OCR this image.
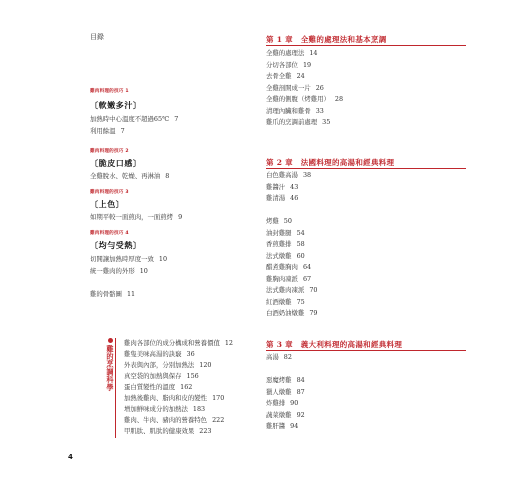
目錄
雞肉料理的技巧 1
〔軟嫩多汁〕
加熱時中心溫度不超過65℃ 7
利用餘溫 7
雞肉料理的技巧 2
〔脆皮口感〕
全雞脫水、乾燥、再淋油 8
雞肉料理的技巧 3
〔上色〕
如期平較一面煎肉，一面煎烤 9
雞肉料理的技巧 4
〔均勻受熱〕
切開讓加熱時厚度一致 10
統一雞肉的外形 10
雞的骨骼圖 11
雞的烹調科學
雞肉各部位的成分構成和營養價值 12
雞隻美味高湯的訣竅 36
外表與內部，分別加熱法 120
真空袋的加熱與保存 156
蛋白質變性的溫度 162
加熱後雞肉、脂肉和皮的變性 170
增加鮮味成分的加熱法 183
雞肉、牛肉、豬肉的營養特色 222
甲肌肽、肌肽的健康效果 223
第 1 章　全雞的處理法和基本烹調
全雞的處理法 14
分切各部位 19
去骨全雞 24
全雞剖開成一片 26
全雞的側腹（烤雞用） 28
清理內臟和雞骨 33
雞爪的烹調前處理 35
第 2 章　法國料理的高湯和經典料理
白色雞高湯 38
雞醬汁 43
雞清湯 46
烤雞 50
油封雞腿 54
香煎雞排 58
法式燉雞 60
醋煮雞胸肉 64
雞胸肉凍派 67
法式雞肉凍派 70
紅酒燉雞 75
白酒奶油燉雞 79
第 3 章　義大利料理的高湯和經典料理
高湯 82
惡魔烤雞 84
獵人燉雞 87
炸雞排 90
蔬菜燉雞 92
雞肝醬 94
4
